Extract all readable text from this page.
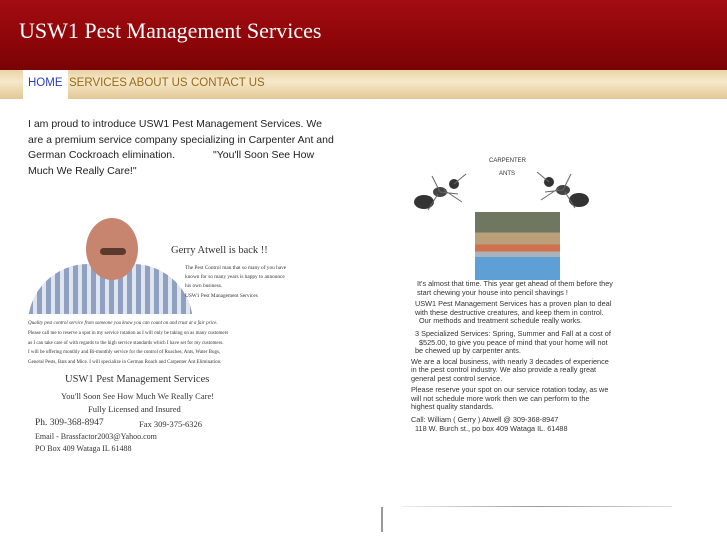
USW1 Pest Management Services
HOME SERVICES ABOUT US CONTACT US
I am proud to introduce USW1 Pest Management Services. We are a premium service company specializing in Carpenter Ant and German Cockroach elimination.             "You'll Soon See How Much We Really Care!"
Gerry Atwell is back !!
The Pest Control man that so many of you have
known for so many years is happy to announce
his own business.
USW1 Pest Management Services
Quality pest control service from someone you know you can count on and trust at a fair price.
Please call me to reserve a spot in my service rotation as I will only be taking on as many customers
as I can take care of with regards to the high service standards which I have set for my customers.
I will be offering monthly and Bi-monthly service for the control of Roaches, Ants, Water Bugs,
General Pests, Bats and Mice. I will specialize in German Roach and Carpenter Ant Elimination.
USW1 Pest Management Services
You'll Soon See How Much We Really Care!
Fully Licensed and Insured
Ph. 309-368-8947	Fax 309-375-6326
Email - Brassfactor2003@Yahoo.com
PO Box 409 Wataga IL 61488
CARPENTER
ANTS
It's almost that time. This year get ahead of them before they
start chewing your house into pencil shavings !
USW1 Pest Management Services has a proven plan to deal
with these destructive creatures, and keep them in control.
Our methods and treatment schedule really works.
3 Specialized Services: Spring, Summer and Fall at a cost of
$525.00, to give you peace of mind that your home will not
be chewed up by carpenter ants.
We are a local business, with nearly 3 decades of experience
in the pest control industry. We also provide a really great
general pest control service.
Please reserve your spot on our service rotation today, as we
will not schedule more work then we can perform to the
highest quality standards.
Call: William ( Gerry ) Atwell @ 309-368-8947
118 W. Burch st., po box 409 Wataga IL. 61488
